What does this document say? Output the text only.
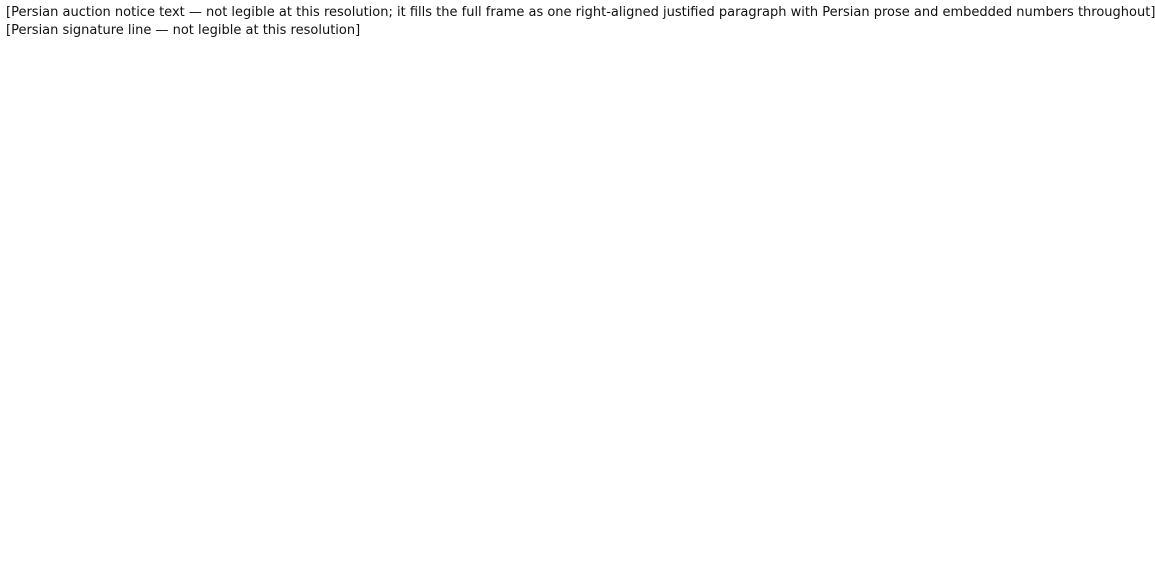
[Persian auction notice text — not legible at this resolution; it fills the full frame as one right-aligned justified paragraph with Persian prose and embedded numbers throughout]
[Persian signature line — not legible at this resolution]
